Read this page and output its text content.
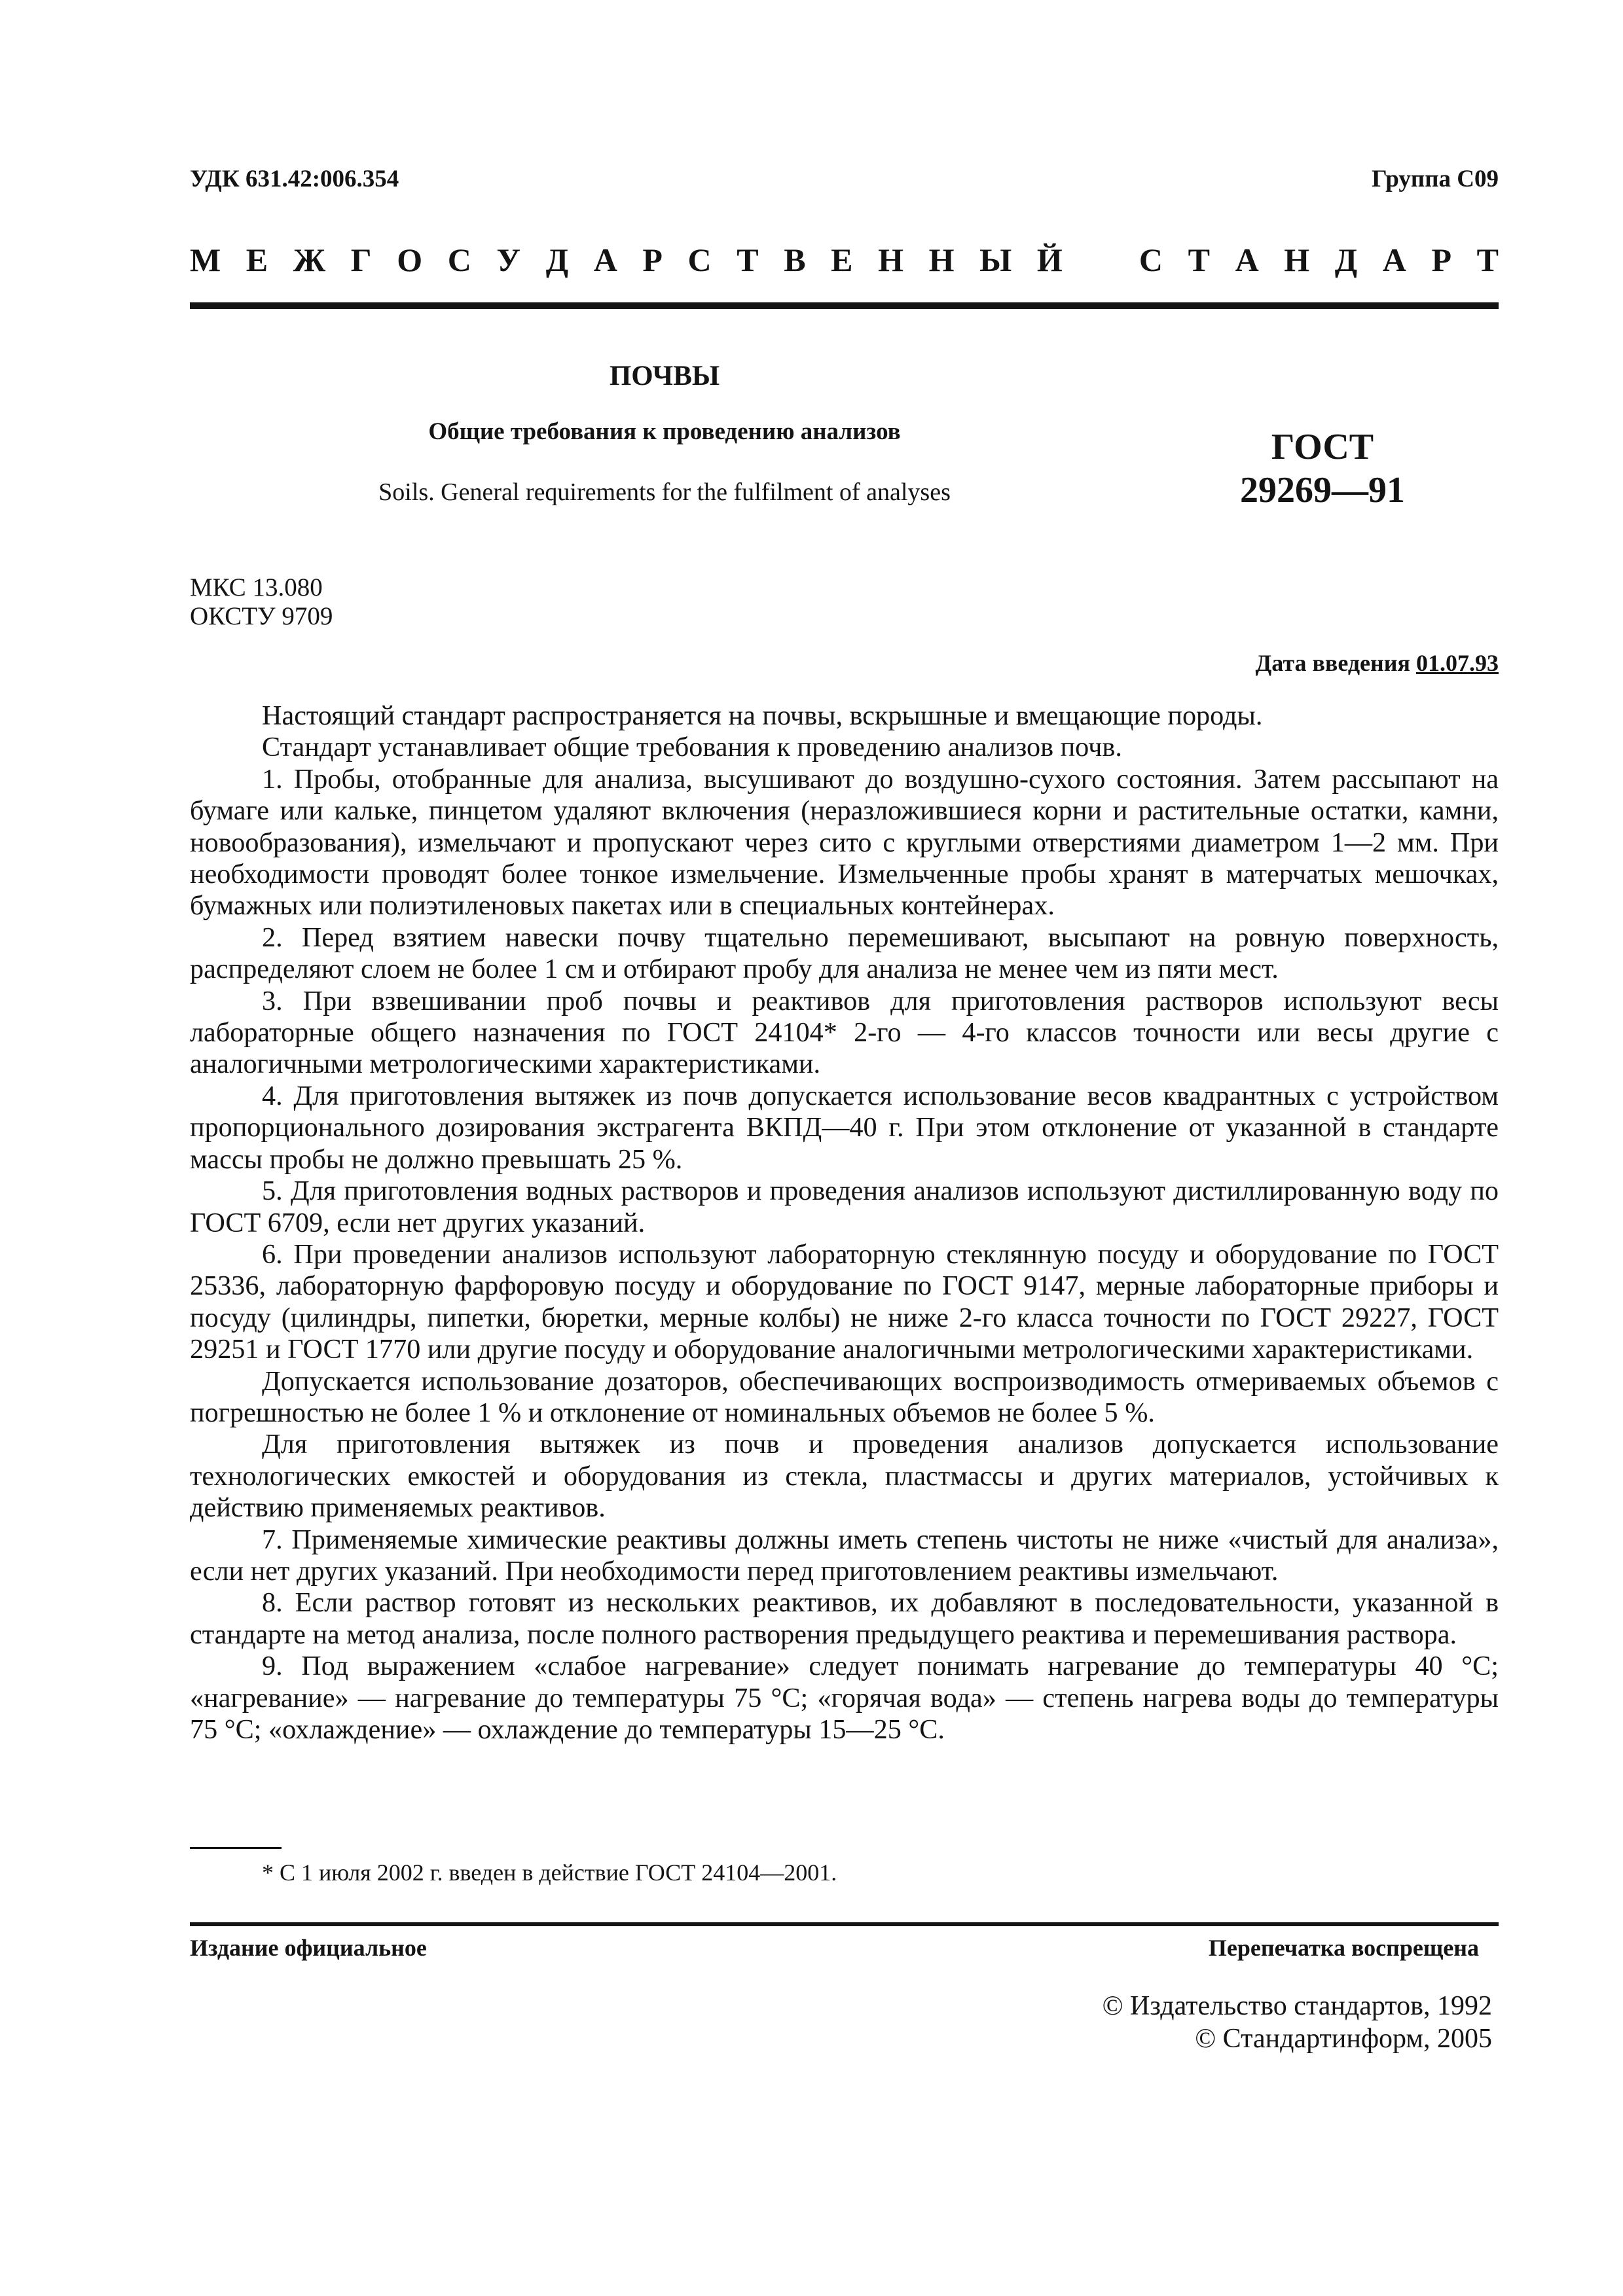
УДК 631.42:006.354	Группа С09
М Е Ж Г О С У Д А Р С Т В Е Н Н Ы Й С Т А Н Д А Р Т
ПОЧВЫ
Общие требования к проведению анализов
Soils. General requirements for the fulfilment of analyses
ГОСТ
29269—91
МКС 13.080
ОКСТУ 9709
Дата введения 01.07.93

Настоящий стандарт распространяется на почвы, вскрышные и вмещающие породы.

Стандарт устанавливает общие требования к проведению анализов почв.

1. Пробы, отобранные для анализа, высушивают до воздушно-сухого состояния. Затем рассыпают на бумаге или кальке, пинцетом удаляют включения (неразложившиеся корни и растительные остатки, камни, новообразования), измельчают и пропускают через сито с круглыми отверстиями диаметром 1—2 мм. При необходимости проводят более тонкое измельчение. Измельченные пробы хранят в матерчатых мешочках, бумажных или полиэтиленовых пакетах или в специальных контейнерах.

2. Перед взятием навески почву тщательно перемешивают, высыпают на ровную поверхность, распределяют слоем не более 1 см и отбирают пробу для анализа не менее чем из пяти мест.

3. При взвешивании проб почвы и реактивов для приготовления растворов используют весы лабораторные общего назначения по ГОСТ 24104* 2-го — 4-го классов точности или весы другие с аналогичными метрологическими характеристиками.

4. Для приготовления вытяжек из почв допускается использование весов квадрантных с устройством пропорционального дозирования экстрагента ВКПД—40 г. При этом отклонение от указанной в стандарте массы пробы не должно превышать 25 %.

5. Для приготовления водных растворов и проведения анализов используют дистиллированную воду по ГОСТ 6709, если нет других указаний.

6. При проведении анализов используют лабораторную стеклянную посуду и оборудование по ГОСТ 25336, лабораторную фарфоровую посуду и оборудование по ГОСТ 9147, мерные лабораторные приборы и посуду (цилиндры, пипетки, бюретки, мерные колбы) не ниже 2-го класса точности по ГОСТ 29227, ГОСТ 29251 и ГОСТ 1770 или другие посуду и оборудование аналогичными метрологическими характеристиками.

Допускается использование дозаторов, обеспечивающих воспроизводимость отмериваемых объемов с погрешностью не более 1 % и отклонение от номинальных объемов не более 5 %.

Для приготовления вытяжек из почв и проведения анализов допускается использование технологических емкостей и оборудования из стекла, пластмассы и других материалов, устойчивых к действию применяемых реактивов.

7. Применяемые химические реактивы должны иметь степень чистоты не ниже «чистый для анализа», если нет других указаний. При необходимости перед приготовлением реактивы измельчают.

8. Если раствор готовят из нескольких реактивов, их добавляют в последовательности, указанной в стандарте на метод анализа, после полного растворения предыдущего реактива и перемешивания раствора.

9. Под выражением «слабое нагревание» следует понимать нагревание до температуры 40 °С; «нагревание» — нагревание до температуры 75 °С; «горячая вода» — степень нагрева воды до температуры 75 °С; «охлаждение» — охлаждение до температуры 15—25 °С.

* С 1 июля 2002 г. введен в действие ГОСТ 24104—2001.
Издание официальное	Перепечатка воспрещена
© Издательство стандартов, 1992
© Стандартинформ, 2005
